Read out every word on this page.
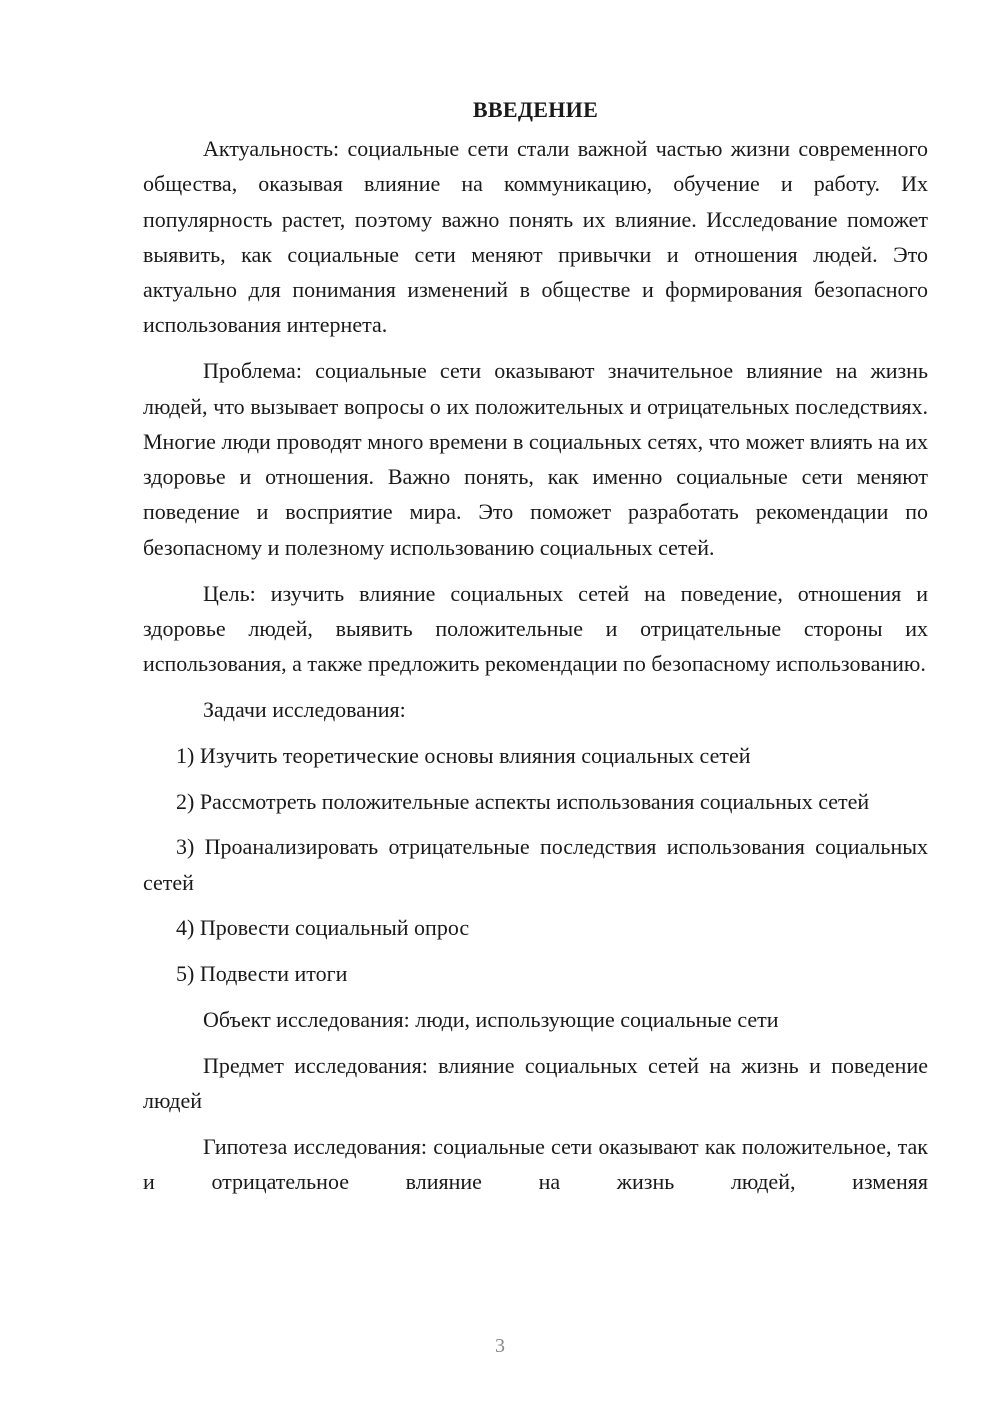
ВВЕДЕНИЕ

Актуальность: социальные сети стали важной частью жизни современного общества, оказывая влияние на коммуникацию, обучение и работу. Их популярность растет, поэтому важно понять их влияние. Исследование поможет выявить, как социальные сети меняют привычки и отношения людей. Это актуально для понимания изменений в обществе и формирования безопасного использования интернета.

Проблема: социальные сети оказывают значительное влияние на жизнь людей, что вызывает вопросы о их положительных и отрицательных последствиях. Многие люди проводят много времени в социальных сетях, что может влиять на их здоровье и отношения. Важно понять, как именно социальные сети меняют поведение и восприятие мира. Это поможет разработать рекомендации по безопасному и полезному использованию социальных сетей.

Цель: изучить влияние социальных сетей на поведение, отношения и здоровье людей, выявить положительные и отрицательные стороны их использования, а также предложить рекомендации по безопасному использованию.

Задачи исследования:

1) Изучить теоретические основы влияния социальных сетей

2) Рассмотреть положительные аспекты использования социальных сетей

3) Проанализировать отрицательные последствия использования социальных сетей

4) Провести социальный опрос

5) Подвести итоги

Объект исследования: люди, использующие социальные сети

Предмет исследования: влияние социальных сетей на жизнь и поведение людей

Гипотеза исследования: социальные сети оказывают как положительное, так и отрицательное влияние на жизнь людей, изменяя

3
